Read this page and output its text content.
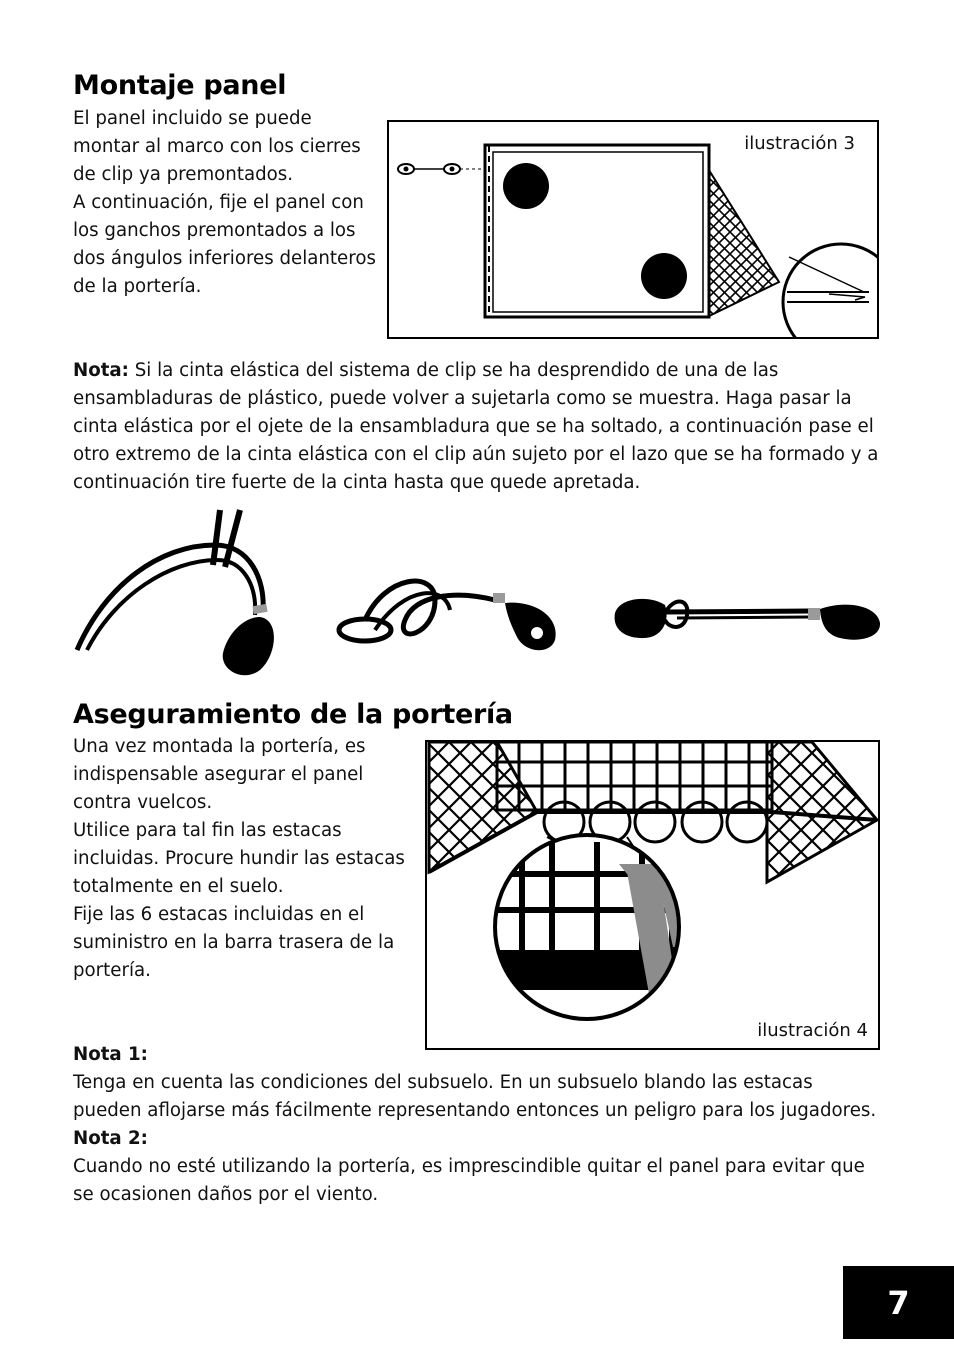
Montaje panel

El panel incluido se puede montar al marco con los cierres de clip ya premontados.

A continuación, fije el panel con los ganchos premontados a los dos ángulos inferiores delanteros de la portería.

ilustración 3

Nota: Si la cinta elástica del sistema de clip se ha desprendido de una de las ensambladuras de plástico, puede volver a sujetarla como se muestra. Haga pasar la cinta elástica por el ojete de la ensambladura que se ha soltado, a continuación pase el otro extremo de la cinta elástica con el clip aún sujeto por el lazo que se ha formado y a continuación tire fuerte de la cinta hasta que quede apretada.

Aseguramiento de la portería

Una vez montada la portería, es indispensable asegurar el panel contra vuelcos.

Utilice para tal fin las estacas incluidas. Procure hundir las estacas totalmente en el suelo.

Fije las 6 estacas incluidas en el suministro en la barra trasera de la portería.

ilustración 4

Nota 1:

Tenga en cuenta las condiciones del subsuelo. En un subsuelo blando las estacas pueden aflojarse más fácilmente representando entonces un peligro para los jugadores.

Nota 2:

Cuando no esté utilizando la portería, es imprescindible quitar el panel para evitar que se ocasionen daños por el viento.

7
